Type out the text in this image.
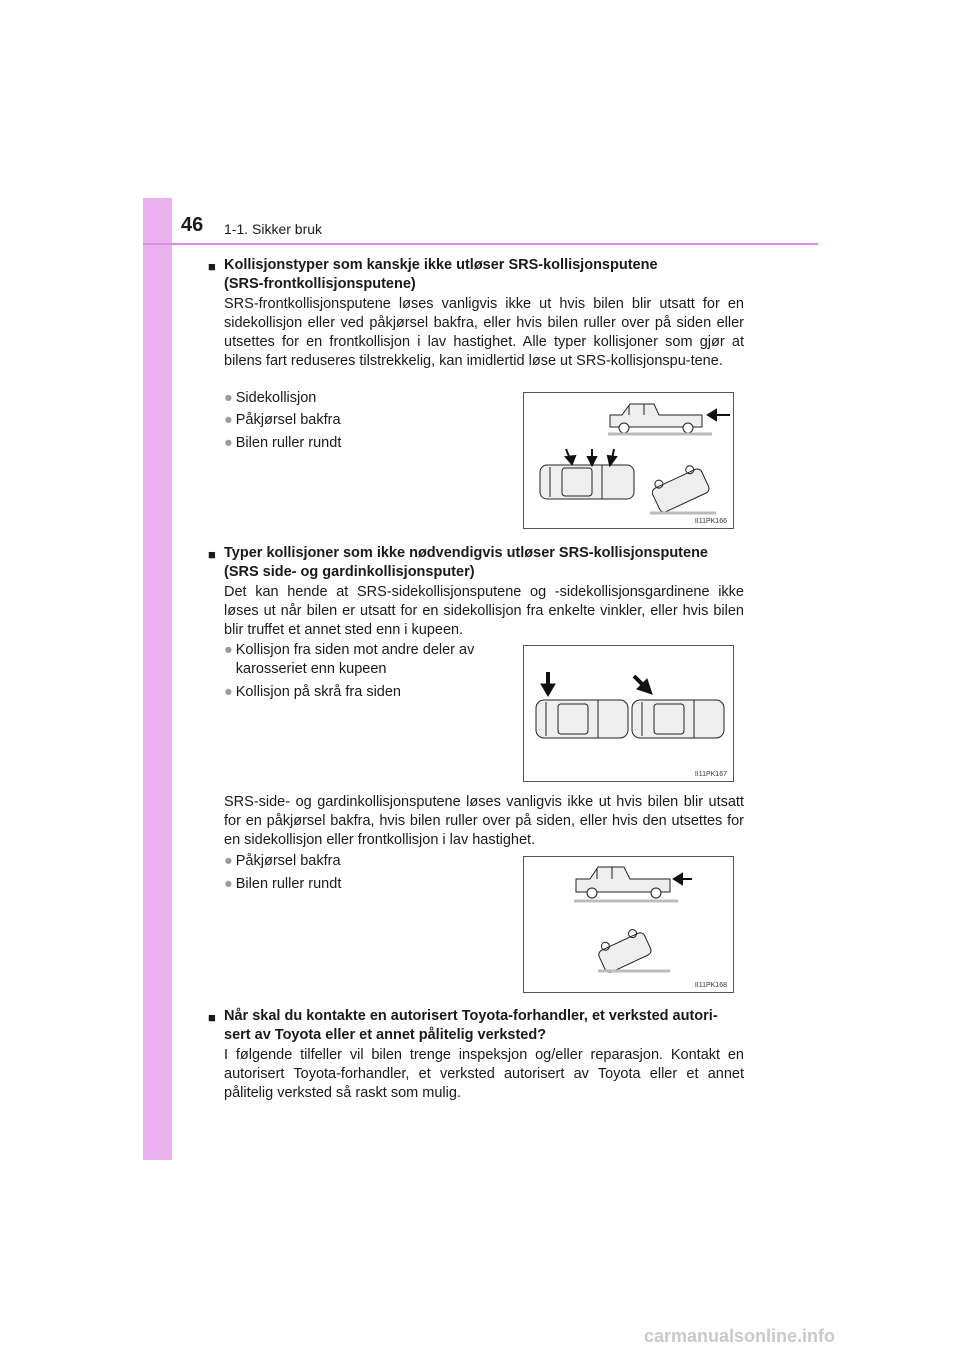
46 1-1. Sikker bruk
■ Kollisjonstyper som kanskje ikke utløser SRS-kollisjonsputene
(SRS-frontkollisjonsputene)
SRS-frontkollisjonsputene løses vanligvis ikke ut hvis bilen blir utsatt for en sidekollisjon eller ved påkjørsel bakfra, eller hvis bilen ruller over på siden eller utsettes for en frontkollisjon i lav hastighet. Alle typer kollisjoner som gjør at bilens fart reduseres tilstrekkelig, kan imidlertid løse ut SRS-kollisjonspu-tene.
● Sidekollisjon
● Påkjørsel bakfra
● Bilen ruller rundt
II11PK166
■ Typer kollisjoner som ikke nødvendigvis utløser SRS-kollisjonsputene
(SRS side- og gardinkollisjonsputer)
Det kan hende at SRS-sidekollisjonsputene og -sidekollisjonsgardinene ikke løses ut når bilen er utsatt for en sidekollisjon fra enkelte vinkler, eller hvis bilen blir truffet et annet sted enn i kupeen.
● Kollisjon fra siden mot andre deler av
karosseriet enn kupeen
● Kollisjon på skrå fra siden
II11PK167
SRS-side- og gardinkollisjonsputene løses vanligvis ikke ut hvis bilen blir utsatt for en påkjørsel bakfra, hvis bilen ruller over på siden, eller hvis den utsettes for en sidekollisjon eller frontkollisjon i lav hastighet.
● Påkjørsel bakfra
● Bilen ruller rundt
II11PK168
■ Når skal du kontakte en autorisert Toyota-forhandler, et verksted autori-
sert av Toyota eller et annet pålitelig verksted?
I følgende tilfeller vil bilen trenge inspeksjon og/eller reparasjon. Kontakt en autorisert Toyota-forhandler, et verksted autorisert av Toyota eller et annet pålitelig verksted så raskt som mulig.
carmanualsonline.info
